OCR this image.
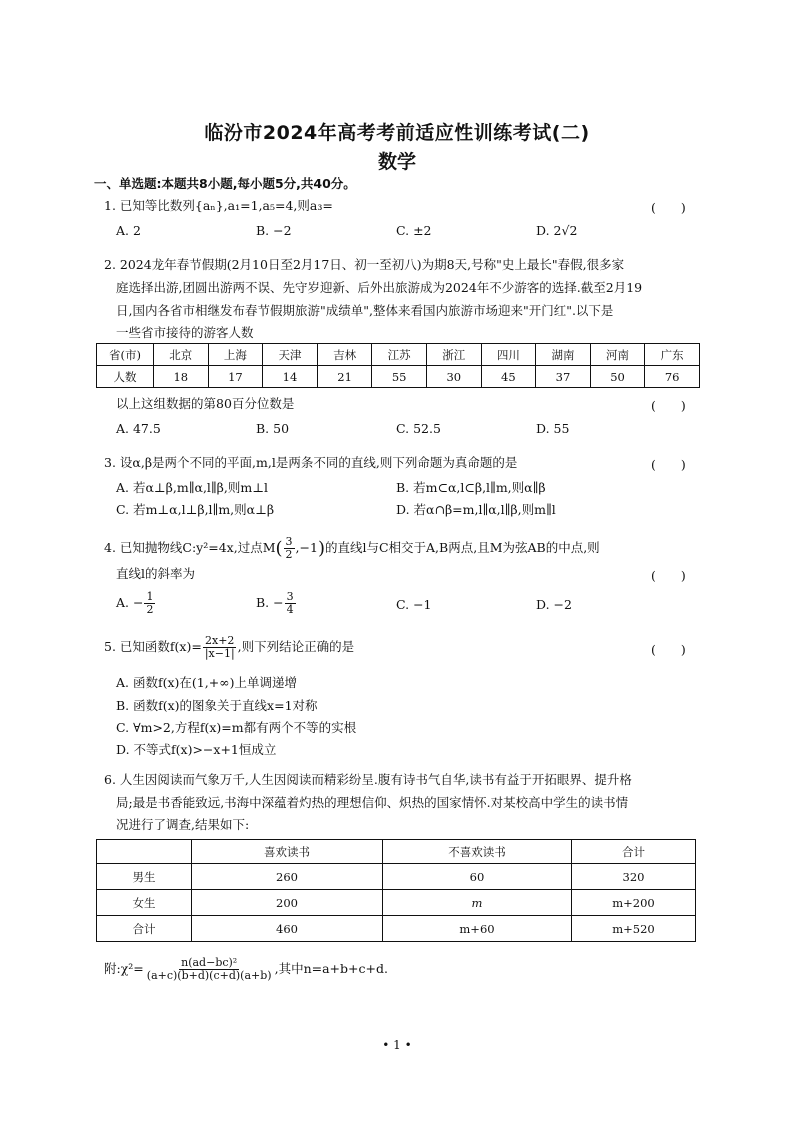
临汾市2024年高考考前适应性训练考试(二)
数学
一、单选题:本题共8小题,每小题5分,共40分。
1. 已知等比数列{aₙ},a₁=1,a₅=4,则a₃=	(　　)
A. 2	B. −2	C. ±2	D. 2√2
2. 2024龙年春节假期(2月10日至2月17日、初一至初八)为期8天,号称"史上最长"春假,很多家
庭选择出游,团圆出游两不误、先守岁迎新、后外出旅游成为2024年不少游客的选择.截至2月19
日,国内各省市相继发布春节假期旅游"成绩单",整体来看国内旅游市场迎来"开门红".以下是
一些省市接待的游客人数
省(市)	北京	上海	天津	吉林	江苏	浙江	四川	湖南	河南	广东
人数	18	17	14	21	55	30	45	37	50	76
以上这组数据的第80百分位数是	(　　)
A. 47.5	B. 50	C. 52.5	D. 55
3. 设α,β是两个不同的平面,m,l是两条不同的直线,则下列命题为真命题的是	(　　)
A. 若α⊥β,m∥α,l∥β,则m⊥l	B. 若m⊂α,l⊂β,l∥m,则α∥β
C. 若m⊥α,l⊥β,l∥m,则α⊥β	D. 若α∩β=m,l∥α,l∥β,则m∥l
4. 已知抛物线C:y²=4x,过点$M( \frac{3}{2} ,-1)$的直线l与C相交于A,B两点,且M为弦AB的中点,则
直线l的斜率为	(　　)
A. − $\frac{1}{2}$	B. − $\frac{3}{4}$	C. −1	D. −2
5. 已知函数$f(x)= \frac{2x+2}{|x-1|}$ ,则下列结论正确的是	(　　)
A. 函数f(x)在(1,+∞)上单调递增
B. 函数f(x)的图象关于直线x=1对称
C. ∀m>2,方程f(x)=m都有两个不等的实根
D. 不等式f(x)>−x+1恒成立
6. 人生因阅读而气象万千,人生因阅读而精彩纷呈.腹有诗书气自华,读书有益于开拓眼界、提升格
局;最是书香能致远,书海中深蕴着灼热的理想信仰、炽热的国家情怀.对某校高中学生的读书情
况进行了调查,结果如下:
	喜欢读书	不喜欢读书	合计
男生	260	60	320
女生	200	m	m+200
合计	460	m+60	m+520
附:χ²= $\frac{\text{n(ad−bc)²}}{(a+c)(b+d)(c+d)(a+b)}$ ,其中n=a+b+c+d.
• 1 •
